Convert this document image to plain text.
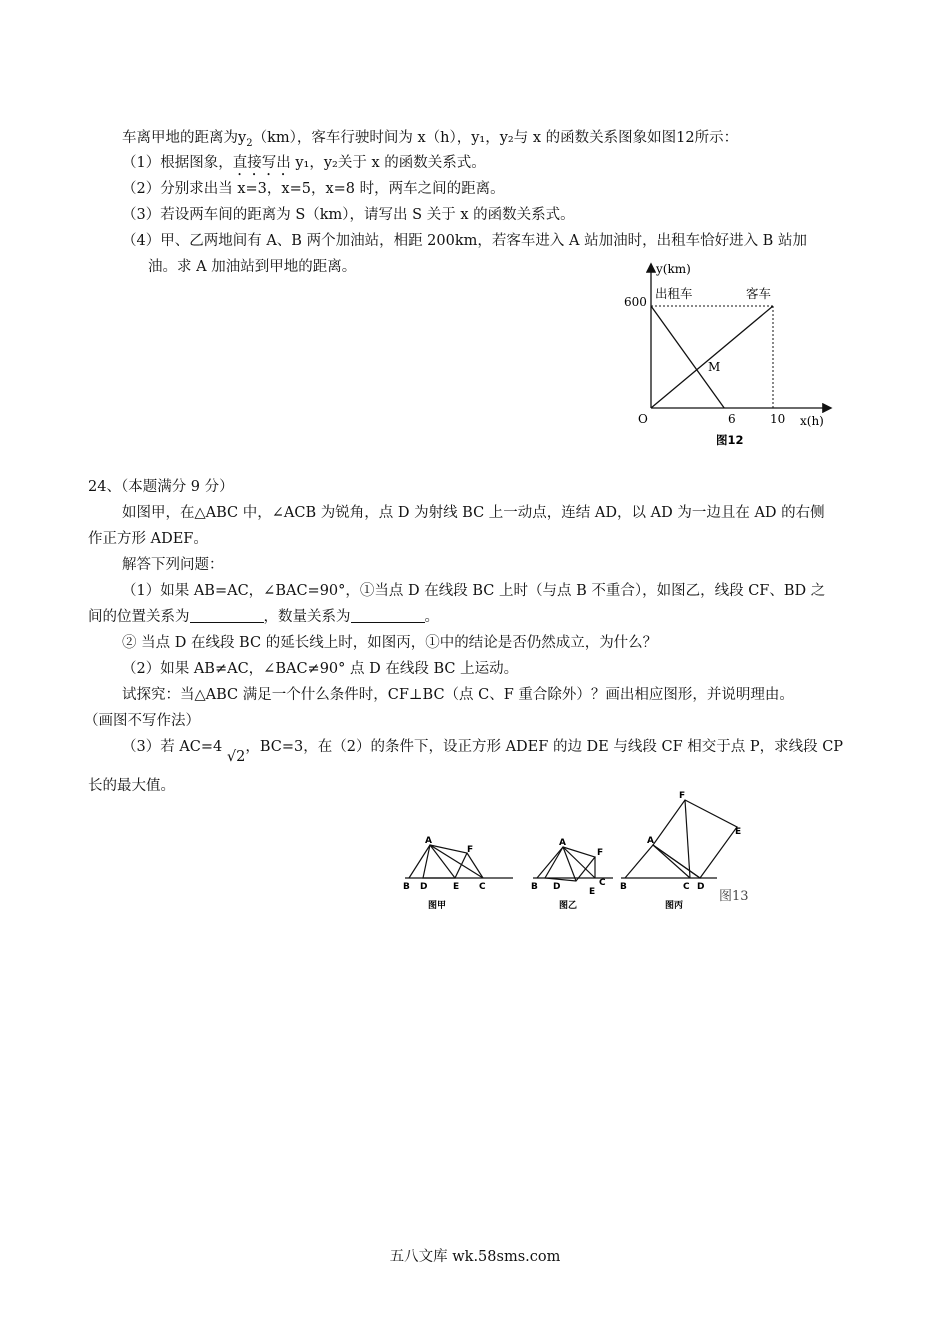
车离甲地的距离为$y_2(km)$，客车行驶时间为 x（h），y₁，y₂与 x 的函数关系图象如图12所示：
（1）根据图象，直接写出 y₁，y₂关于 x 的函数关系式。
（2）分别求出当 x=3，x=5，x=8 时，两车之间的距离。
（3）若设两车间的距离为 S（km），请写出 S 关于 x 的函数关系式。
（4）甲、乙两地间有 A、B 两个加油站，相距 200km，若客车进入 A 站加油时，出租车恰好进入 B 站加
油。求 A 加油站到甲地的距离。	y(km)
600
出租车	客车
M
O	6	10 x(h)
图12
24、（本题满分 9 分）
如图甲，在△ABC 中，∠ACB 为锐角，点 D 为射线 BC 上一动点，连结 AD，以 AD 为一边且在 AD 的右侧
作正方形 ADEF。
解答下列问题：
（1）如果 AB=AC，∠BAC=90°，①当点 D 在线段 BC 上时（与点 B 不重合），如图乙，线段 CF、BD 之
间的位置关系为	，数量关系为	。
② 当点 D 在线段 BC 的延长线上时，如图丙，①中的结论是否仍然成立，为什么？
（2）如果 AB≠AC，∠BAC≠90° 点 D 在线段 BC 上运动。
试探究：当△ABC 满足一个什么条件时，CF⊥BC（点 C、F 重合除外）？画出相应图形，并说明理由。
（画图不写作法）
（3）若 AC=4 √2，BC=3，在（2）的条件下，设正方形 ADEF 的边 DE 与线段 CF 相交于点 P，求线段 CP
长的最大值。
A
B D	E C
F
图甲
A
B D	E
C
F
图乙
A
B	C D
E
F
图丙
图13
五八文库 wk.58sms.com
